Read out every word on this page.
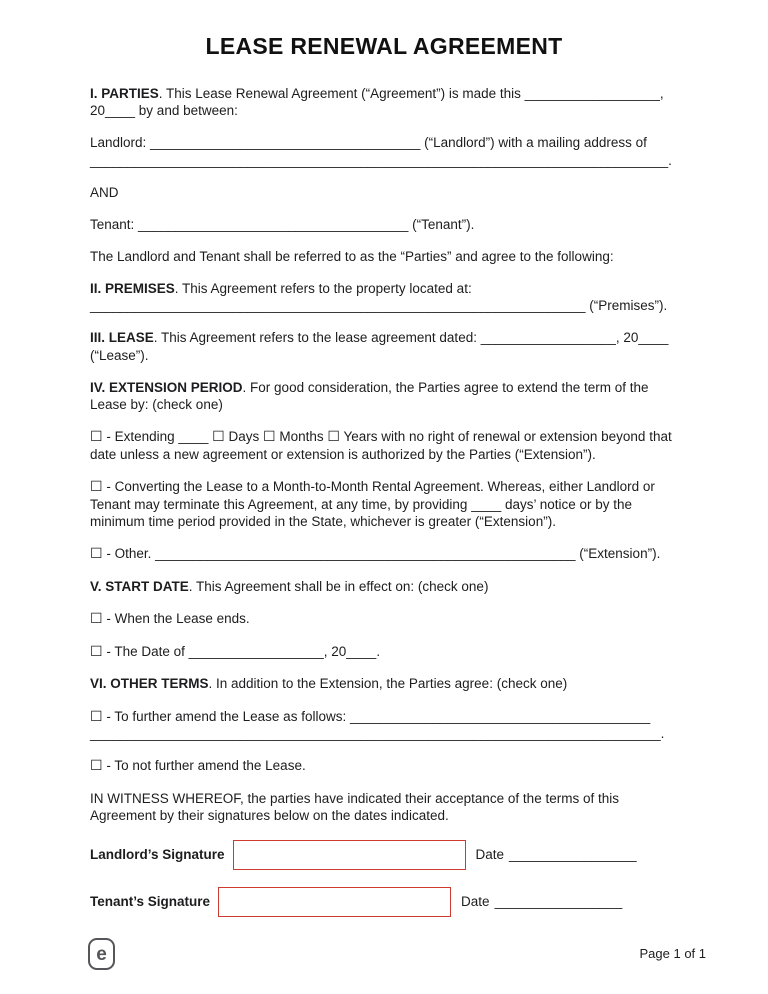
LEASE RENEWAL AGREEMENT

I. PARTIES. This Lease Renewal Agreement (“Agreement”) is made this __________________, 20____ by and between:

Landlord: ____________________________________ (“Landlord”) with a mailing address of
_____________________________________________________________________________.

AND

Tenant: ____________________________________ (“Tenant”).

The Landlord and Tenant shall be referred to as the “Parties” and agree to the following:

II. PREMISES. This Agreement refers to the property located at:
__________________________________________________________________ (“Premises”).

III. LEASE. This Agreement refers to the lease agreement dated: __________________, 20____ (“Lease”).

IV. EXTENSION PERIOD. For good consideration, the Parties agree to extend the term of the Lease by: (check one)

☐ - Extending ____ ☐ Days ☐ Months ☐ Years with no right of renewal or extension beyond that date unless a new agreement or extension is authorized by the Parties (“Extension”).

☐ - Converting the Lease to a Month-to-Month Rental Agreement. Whereas, either Landlord or Tenant may terminate this Agreement, at any time, by providing ____ days’ notice or by the minimum time period provided in the State, whichever is greater (“Extension”).

☐ - Other. ________________________________________________________ (“Extension”).

V. START DATE. This Agreement shall be in effect on: (check one)

☐ - When the Lease ends.

☐ - The Date of __________________, 20____.

VI. OTHER TERMS. In addition to the Extension, the Parties agree: (check one)

☐ - To further amend the Lease as follows: ________________________________________
____________________________________________________________________________.

☐ - To not further amend the Lease.

IN WITNESS WHEREOF, the parties have indicated their acceptance of the terms of this Agreement by their signatures below on the dates indicated.

Landlord’s Signature	Date _________________
Tenant’s Signature	Date _________________
e	Page 1 of 1
